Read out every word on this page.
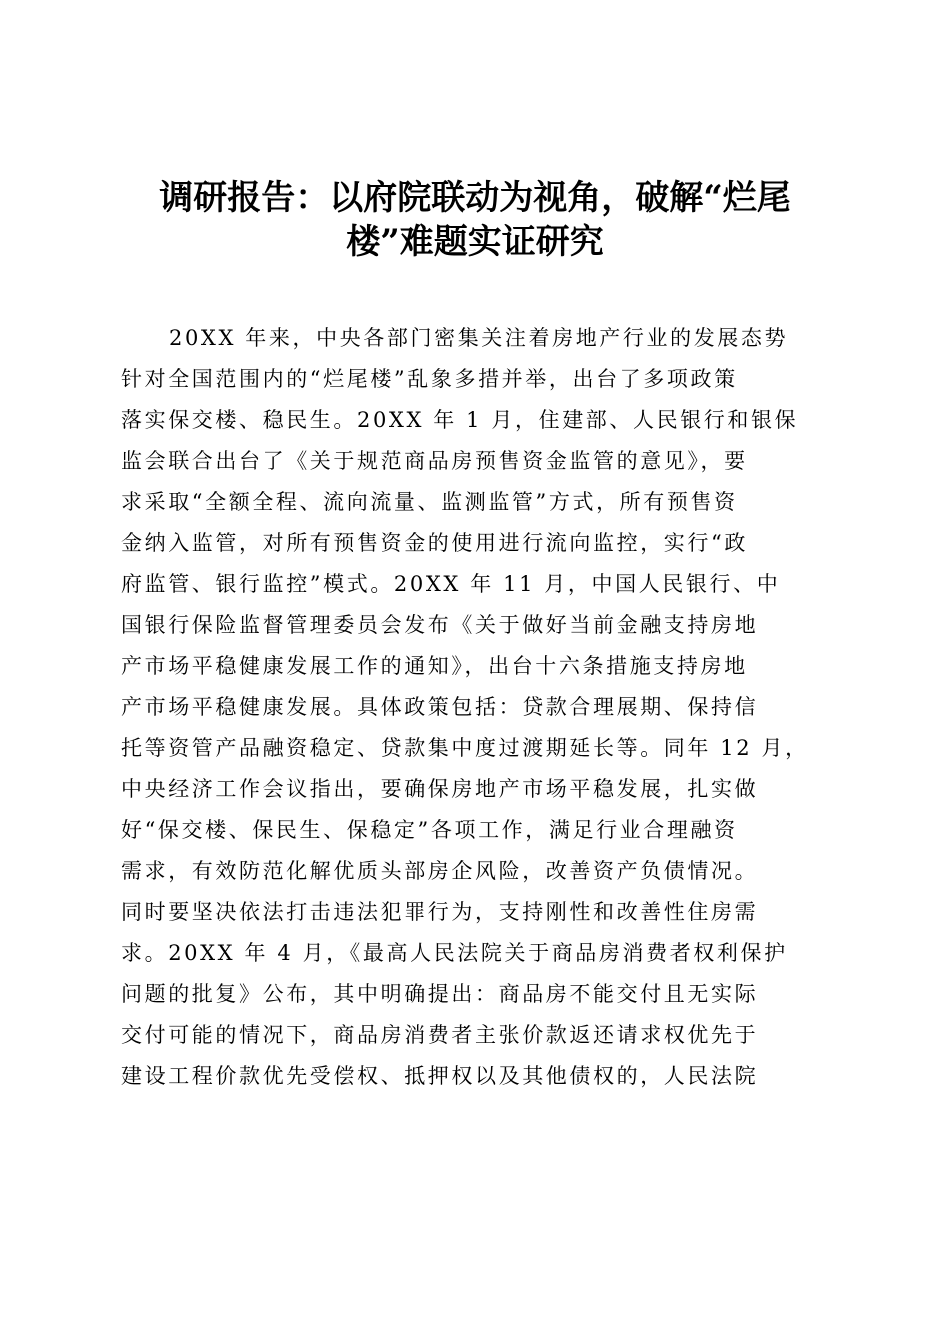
调研报告：以府院联动为视角，破解“烂尾
楼”难题实证研究
20XX 年来，中央各部门密集关注着房地产行业的发展态势
针对全国范围内的“烂尾楼”乱象多措并举，出台了多项政策
落实保交楼、稳民生。20XX 年 1 月，住建部、人民银行和银保
监会联合出台了《关于规范商品房预售资金监管的意见》，要
求采取“全额全程、流向流量、监测监管”方式，所有预售资
金纳入监管，对所有预售资金的使用进行流向监控，实行“政
府监管、银行监控”模式。20XX 年 11 月，中国人民银行、中
国银行保险监督管理委员会发布《关于做好当前金融支持房地
产市场平稳健康发展工作的通知》，出台十六条措施支持房地
产市场平稳健康发展。具体政策包括：贷款合理展期、保持信
托等资管产品融资稳定、贷款集中度过渡期延长等。同年 12 月，
中央经济工作会议指出，要确保房地产市场平稳发展，扎实做
好“保交楼、保民生、保稳定”各项工作，满足行业合理融资
需求，有效防范化解优质头部房企风险，改善资产负债情况。
同时要坚决依法打击违法犯罪行为，支持刚性和改善性住房需
求。20XX 年 4 月，《最高人民法院关于商品房消费者权利保护
问题的批复》公布，其中明确提出：商品房不能交付且无实际
交付可能的情况下，商品房消费者主张价款返还请求权优先于
建设工程价款优先受偿权、抵押权以及其他债权的，人民法院
